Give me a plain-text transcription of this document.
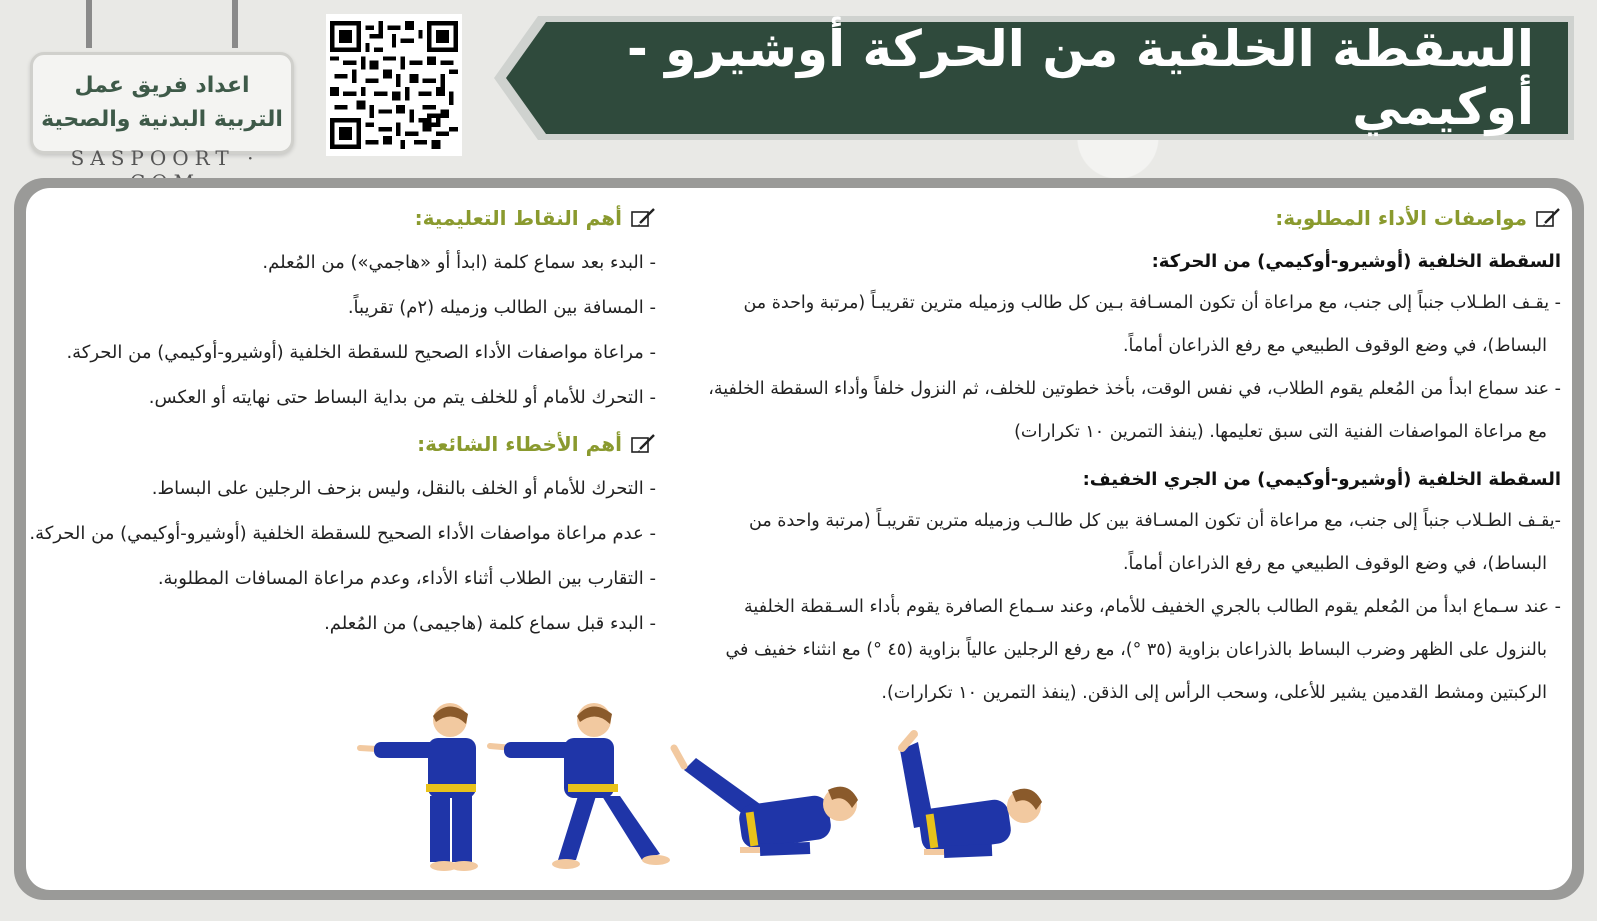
اعداد فريق عمل
التربية البدنية والصحية
SASPOORT ·
السقطة الخلفية من الحركة أوشيرو - أوكيمي
مواصفات الأداء المطلوبة:
السقطة الخلفية (أوشيرو-أوكيمي) من الحركة:

- يقـف الطـلاب جنباً إلى جنب، مع مراعاة أن تكون المسـافة بـين كل طالب وزميله مترين تقريبـاً (مرتبة واحدة من

البساط)، في وضع الوقوف الطبيعي مع رفع الذراعان أماماً.

- عند سماع ابدأ من المُعلم يقوم الطلاب، في نفس الوقت، بأخذ خطوتين للخلف، ثم النزول خلفاً وأداء السقطة الخلفية،

مع مراعاة المواصفات الفنية التى سبق تعليمها. (ينفذ التمرين ١٠ تكرارات)

السقطة الخلفية (أوشيرو-أوكيمي) من الجري الخفيف:

-يقـف الطـلاب جنباً إلى جنب، مع مراعاة أن تكون المسـافة بين كل طالـب وزميله مترين تقريبـاً (مرتبة واحدة من

البساط)، في وضع الوقوف الطبيعي مع رفع الذراعان أماماً.

- عند سـماع ابدأ من المُعلم يقوم الطالب بالجري الخفيف للأمام، وعند سـماع الصافرة يقوم بأداء السـقطة الخلفية

بالنزول على الظهر وضرب البساط بالذراعان بزاوية (٣٥ °)، مع رفع الرجلين عالياً بزاوية (٤٥ °) مع انثناء خفيف في

الركبتين ومشط القدمين يشير للأعلى، وسحب الرأس إلى الذقن. (ينفذ التمرين ١٠ تكرارات).

أهم النقاط التعليمية:

- البدء بعد سماع كلمة (ابدأ أو «هاجمي») من المُعلم.

- المسافة بين الطالب وزميله (٢م) تقريباً.

- مراعاة مواصفات الأداء الصحيح للسقطة الخلفية (أوشيرو-أوكيمي) من الحركة.

- التحرك للأمام أو للخلف يتم من بداية البساط حتى نهايته أو العكس.

أهم الأخطاء الشائعة:

- التحرك للأمام أو الخلف بالنقل، وليس بزحف الرجلين على البساط.

- عدم مراعاة مواصفات الأداء الصحيح للسقطة الخلفية (أوشيرو-أوكيمي) من الحركة.

- التقارب بين الطلاب أثناء الأداء، وعدم مراعاة المسافات المطلوبة.

- البدء قبل سماع كلمة (هاجيمى) من المُعلم.
